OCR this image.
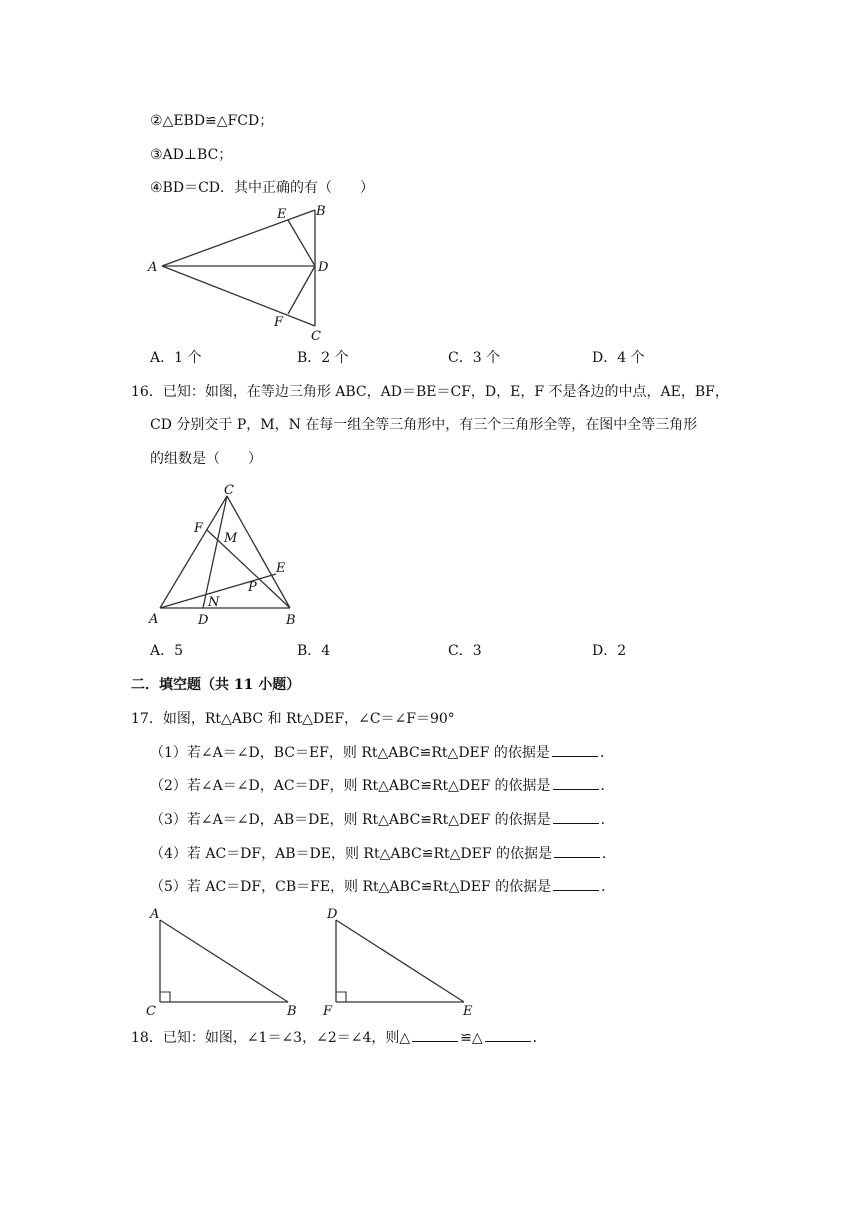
②△EBD≌△FCD；
③AD⊥BC；
④BD＝CD．其中正确的有（　　）
A
B
C
D
E
F
A．1 个	B．2 个	C．3 个	D．4 个
16．已知：如图，在等边三角形 ABC，AD＝BE＝CF，D，E，F 不是各边的中点，AE，BF，
CD 分别交于 P，M，N 在每一组全等三角形中，有三个三角形全等，在图中全等三角形
的组数是（　　）
C
F
M
E
P
N
A	D	B
A．5	B．4	C．3	D．2
二．填空题（共 11 小题）
17．如图，Rt△ABC 和 Rt△DEF，∠C＝∠F＝90°
（1）若∠A＝∠D，BC＝EF，则 Rt△ABC≌Rt△DEF 的依据是	．
（2）若∠A＝∠D，AC＝DF，则 Rt△ABC≌Rt△DEF 的依据是	．
（3）若∠A＝∠D，AB＝DE，则 Rt△ABC≌Rt△DEF 的依据是	．
（4）若 AC＝DF，AB＝DE，则 Rt△ABC≌Rt△DEF 的依据是	．
（5）若 AC＝DF，CB＝FE，则 Rt△ABC≌Rt△DEF 的依据是	．
A
C	B
D
F	E
18．已知：如图，∠1＝∠3，∠2＝∠4，则△	≌△	．
